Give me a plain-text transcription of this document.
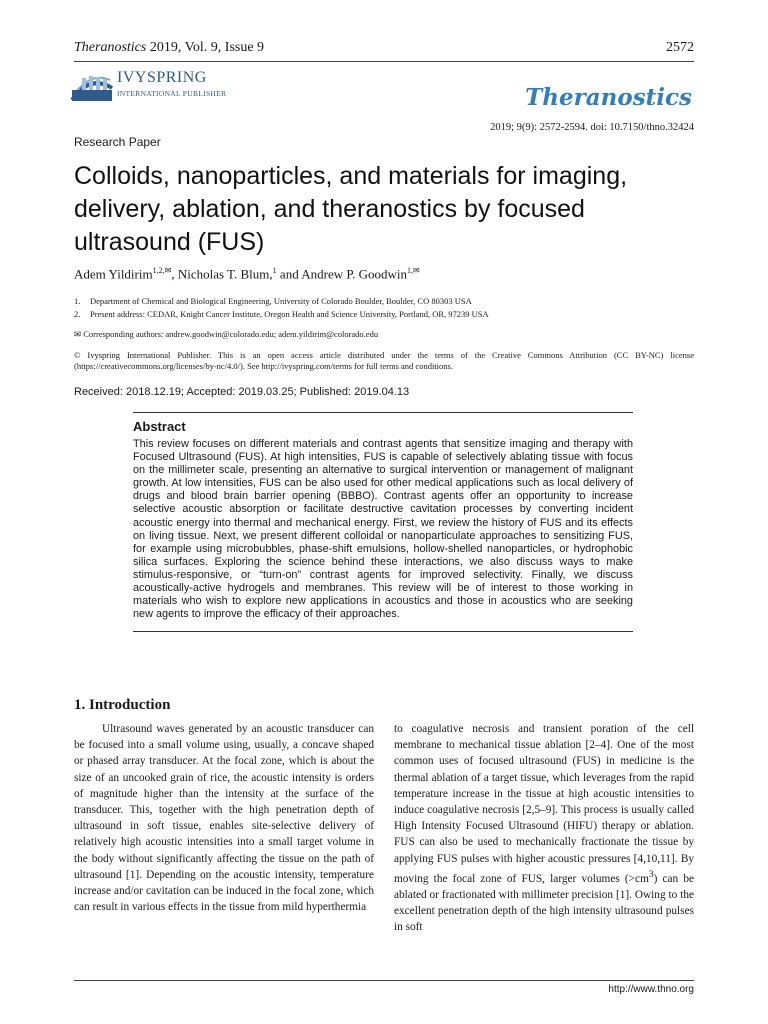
Theranostics 2019, Vol. 9, Issue 9	2572
IVYSPRING
INTERNATIONAL PUBLISHER	Theranostics
2019; 9(9): 2572-2594. doi: 10.7150/thno.32424
Research Paper
Colloids, nanoparticles, and materials for imaging, delivery, ablation, and theranostics by focused ultrasound (FUS)
Adem Yildirim$^{1,2,✉}$, Nicholas T. Blum,$^1$ and Andrew P. Goodwin$^{1,✉}$
1. Department of Chemical and Biological Engineering, University of Colorado Boulder, Boulder, CO 80303 USA
2. Present address: CEDAR, Knight Cancer Institute, Oregon Health and Science University, Portland, OR, 97239 USA
✉ Corresponding authors: andrew.goodwin@colorado.edu; adem.yildirim@colorado.edu
© Ivyspring International Publisher. This is an open access article distributed under the terms of the Creative Commons Attribution (CC BY-NC) license (https://creativecommons.org/licenses/by-nc/4.0/). See http://ivyspring.com/terms for full terms and conditions.
Received: 2018.12.19; Accepted: 2019.03.25; Published: 2019.04.13
Abstract
This review focuses on different materials and contrast agents that sensitize imaging and therapy with Focused Ultrasound (FUS). At high intensities, FUS is capable of selectively ablating tissue with focus on the millimeter scale, presenting an alternative to surgical intervention or management of malignant growth. At low intensities, FUS can be also used for other medical applications such as local delivery of drugs and blood brain barrier opening (BBBO). Contrast agents offer an opportunity to increase selective acoustic absorption or facilitate destructive cavitation processes by converting incident acoustic energy into thermal and mechanical energy. First, we review the history of FUS and its effects on living tissue. Next, we present different colloidal or nanoparticulate approaches to sensitizing FUS, for example using microbubbles, phase-shift emulsions, hollow-shelled nanoparticles, or hydrophobic silica surfaces. Exploring the science behind these interactions, we also discuss ways to make stimulus-responsive, or “turn-on” contrast agents for improved selectivity. Finally, we discuss acoustically-active hydrogels and membranes. This review will be of interest to those working in materials who wish to explore new applications in acoustics and those in acoustics who are seeking new agents to improve the efficacy of their approaches.
1. Introduction

Ultrasound waves generated by an acoustic transducer can be focused into a small volume using, usually, a concave shaped or phased array transducer. At the focal zone, which is about the size of an uncooked grain of rice, the acoustic intensity is orders of magnitude higher than the intensity at the surface of the transducer. This, together with the high penetration depth of ultrasound in soft tissue, enables site-selective delivery of relatively high acoustic intensities into a small target volume in the body without significantly affecting the tissue on the path of ultrasound [1]. Depending on the acoustic intensity, temperature increase and/or cavitation can be induced in the focal zone, which can result in various effects in the tissue from mild hyperthermia

to coagulative necrosis and transient poration of the cell membrane to mechanical tissue ablation [2–4]. One of the most common uses of focused ultrasound (FUS) in medicine is the thermal ablation of a target tissue, which leverages from the rapid temperature increase in the tissue at high acoustic intensities to induce coagulative necrosis [2,5–9]. This process is usually called High Intensity Focused Ultrasound (HIFU) therapy or ablation. FUS can also be used to mechanically fractionate the tissue by applying FUS pulses with higher acoustic pressures [4,10,11]. By moving the focal zone of FUS, larger volumes $(>cm^3)$ can be ablated or fractionated with millimeter precision [1]. Owing to the excellent penetration depth of the high intensity ultrasound pulses in soft

http://www.thno.org
